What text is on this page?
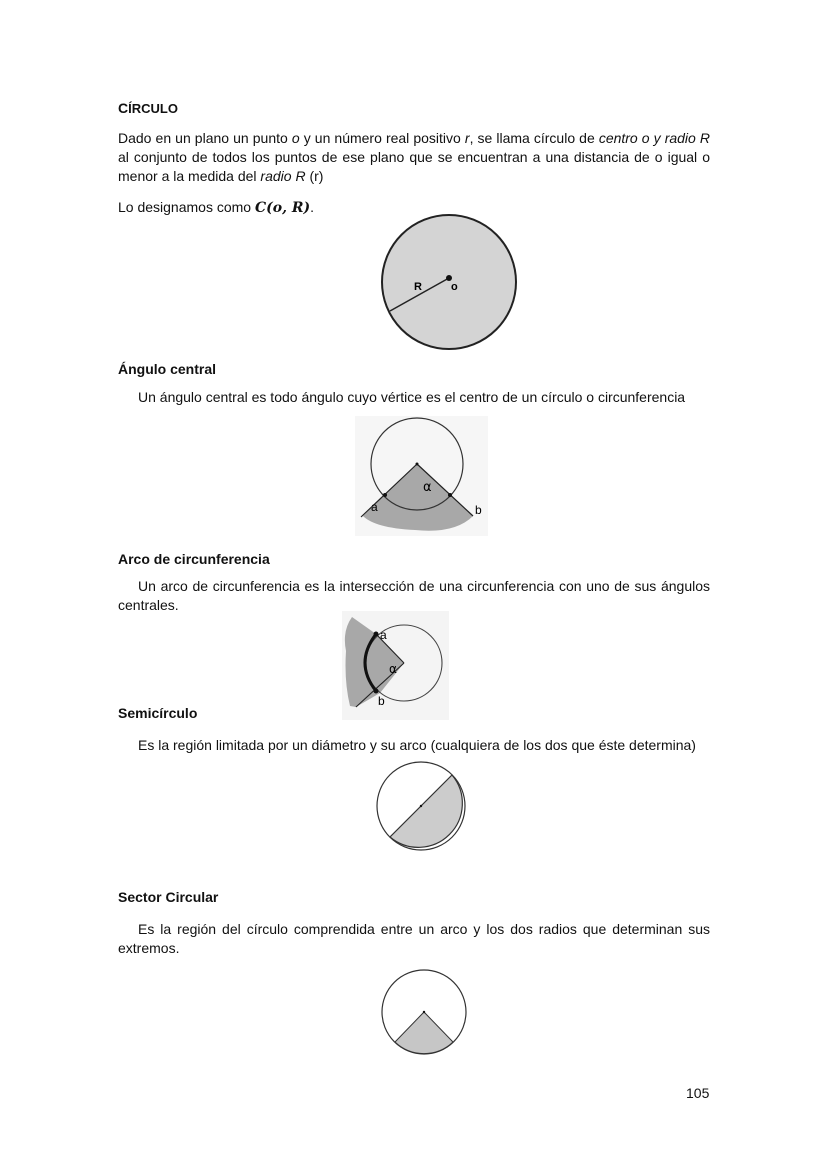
CÍRCULO
Dado en un plano un punto o y un número real positivo r, se llama círculo de centro o y radio R al conjunto de todos los puntos de ese plano que se encuentran a una distancia de o igual o menor a la medida del radio R (r)
Lo designamos como C(o, R).
R	o
Ángulo central
Un ángulo central es todo ángulo cuyo vértice es el centro de un círculo o circunferencia
α
a	b
Arco de circunferencia
Un arco de circunferencia es la intersección de una circunferencia con uno de sus ángulos centrales.
a
α
b
Semicírculo
Es la región limitada por un diámetro y su arco (cualquiera de los dos que éste determina)
Sector Circular
Es la región del círculo comprendida entre un arco y los dos radios que determinan sus extremos.
105
